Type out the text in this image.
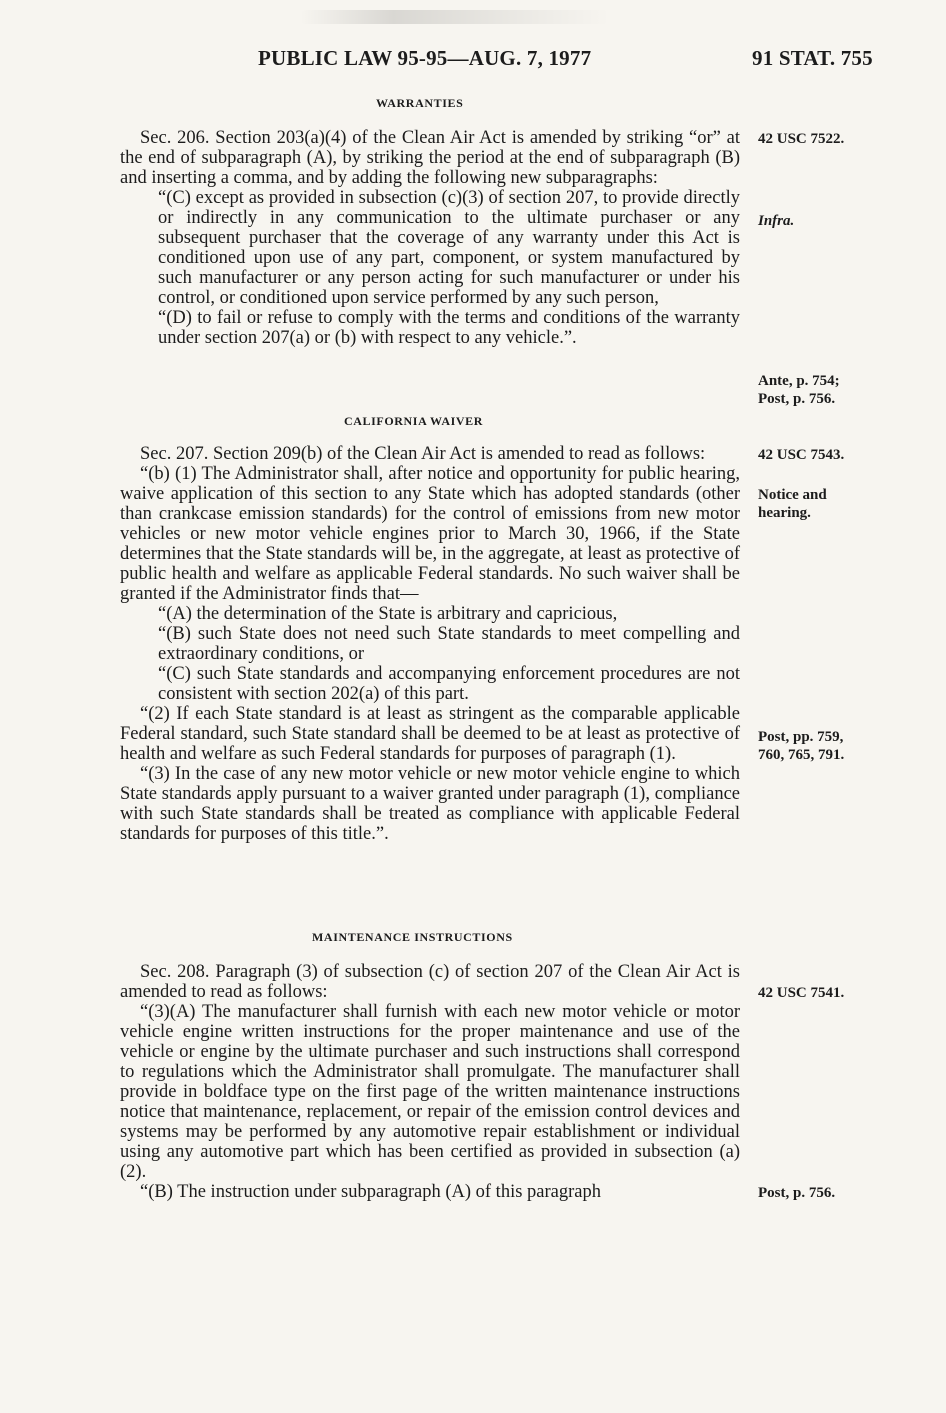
PUBLIC LAW 95-95—AUG. 7, 1977	91 STAT. 755
WARRANTIES

Sec. 206. Section 203(a)(4) of the Clean Air Act is amended by striking “or” at the end of subparagraph (A), by striking the period at the end of subparagraph (B) and inserting a comma, and by adding the following new subparagraphs:

“(C) except as provided in subsection (c)(3) of section 207, to provide directly or indirectly in any communication to the ultimate purchaser or any subsequent purchaser that the coverage of any warranty under this Act is conditioned upon use of any part, component, or system manufactured by such manufacturer or any person acting for such manufacturer or under his control, or conditioned upon service performed by any such person,

“(D) to fail or refuse to comply with the terms and conditions of the warranty under section 207(a) or (b) with respect to any vehicle.”.

42 USC 7522.
Infra.
Ante, p. 754;
Post, p. 756.
CALIFORNIA WAIVER

Sec. 207. Section 209(b) of the Clean Air Act is amended to read as follows:

“(b) (1) The Administrator shall, after notice and opportunity for public hearing, waive application of this section to any State which has adopted standards (other than crankcase emission standards) for the control of emissions from new motor vehicles or new motor vehicle engines prior to March 30, 1966, if the State determines that the State standards will be, in the aggregate, at least as protective of public health and welfare as applicable Federal standards. No such waiver shall be granted if the Administrator finds that—

“(A) the determination of the State is arbitrary and capricious,

“(B) such State does not need such State standards to meet compelling and extraordinary conditions, or

“(C) such State standards and accompanying enforcement procedures are not consistent with section 202(a) of this part.

“(2) If each State standard is at least as stringent as the comparable applicable Federal standard, such State standard shall be deemed to be at least as protective of health and welfare as such Federal standards for purposes of paragraph (1).

“(3) In the case of any new motor vehicle or new motor vehicle engine to which State standards apply pursuant to a waiver granted under paragraph (1), compliance with such State standards shall be treated as compliance with applicable Federal standards for purposes of this title.”.

42 USC 7543.
Notice and hearing.
Post, pp. 759,
760, 765, 791.
MAINTENANCE INSTRUCTIONS

Sec. 208. Paragraph (3) of subsection (c) of section 207 of the Clean Air Act is amended to read as follows:

“(3)(A) The manufacturer shall furnish with each new motor vehicle or motor vehicle engine written instructions for the proper maintenance and use of the vehicle or engine by the ultimate purchaser and such instructions shall correspond to regulations which the Administrator shall promulgate. The manufacturer shall provide in boldface type on the first page of the written maintenance instructions notice that maintenance, replacement, or repair of the emission control devices and systems may be performed by any automotive repair establishment or individual using any automotive part which has been certified as provided in subsection (a)(2).

“(B) The instruction under subparagraph (A) of this paragraph

42 USC 7541.
Post, p. 756.
